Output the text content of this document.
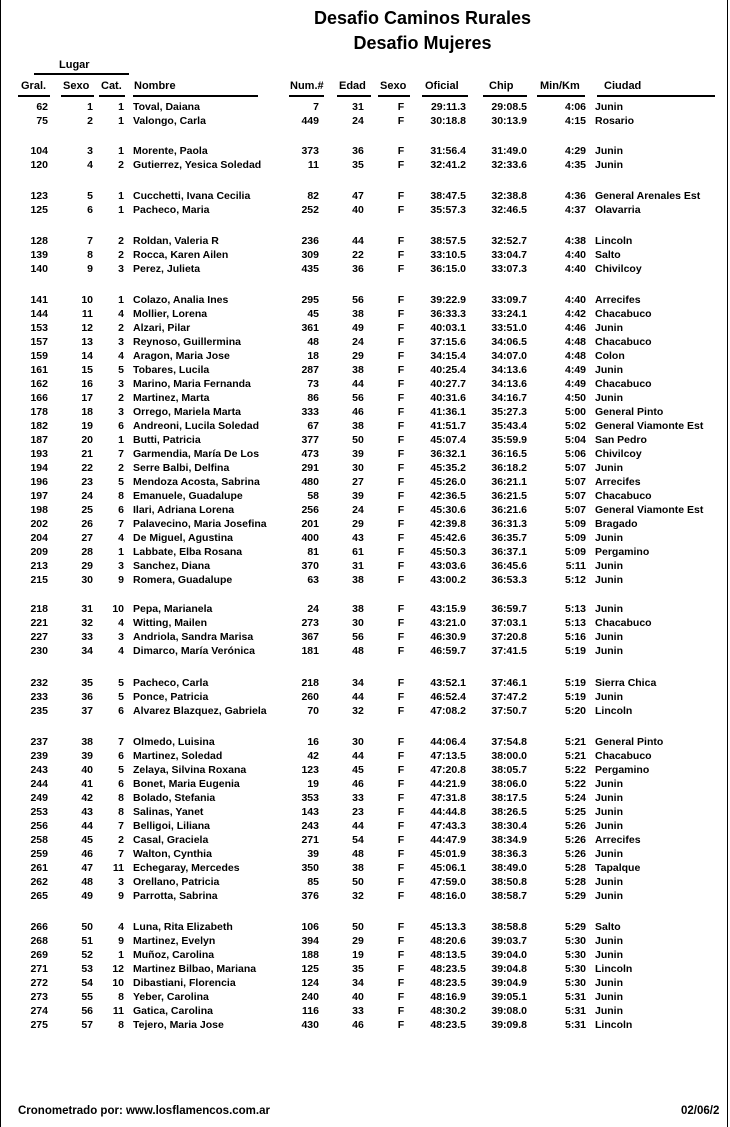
Desafio Caminos Rurales
Desafio Mujeres
Lugar
Gral. Sexo Cat. Nombre	Num.# Edad Sexo Oficial	Chip Min/Km Ciudad
62	1	1 Toval, Daiana	7	31	F	29:11.3	29:08.5	4:06 Junin
75	2	1 Valongo, Carla	449	24	F	30:18.8	30:13.9	4:15 Rosario
104	3	1 Morente, Paola	373	36	F	31:56.4	31:49.0	4:29 Junin
120	4	2 Gutierrez, Yesica Soledad	11	35	F	32:41.2	32:33.6	4:35 Junin
123	5	1 Cucchetti, Ivana Cecilia	82	47	F	38:47.5	32:38.8	4:36 General Arenales Est
125	6	1 Pacheco, Maria	252	40	F	35:57.3	32:46.5	4:37 Olavarria
128	7	2 Roldan, Valeria R	236	44	F	38:57.5	32:52.7	4:38 Lincoln
139	8	2 Rocca, Karen Ailen	309	22	F	33:10.5	33:04.7	4:40 Salto
140	9	3 Perez, Julieta	435	36	F	36:15.0	33:07.3	4:40 Chivilcoy
141	10	1 Colazo, Analia Ines	295	56	F	39:22.9	33:09.7	4:40 Arrecifes
144	11	4 Mollier, Lorena	45	38	F	36:33.3	33:24.1	4:42 Chacabuco
153	12	2 Alzari, Pilar	361	49	F	40:03.1	33:51.0	4:46 Junin
157	13	3 Reynoso, Guillermina	48	24	F	37:15.6	34:06.5	4:48 Chacabuco
159	14	4 Aragon, Maria Jose	18	29	F	34:15.4	34:07.0	4:48 Colon
161	15	5 Tobares, Lucila	287	38	F	40:25.4	34:13.6	4:49 Junin
162	16	3 Marino, Maria Fernanda	73	44	F	40:27.7	34:13.6	4:49 Chacabuco
166	17	2 Martinez, Marta	86	56	F	40:31.6	34:16.7	4:50 Junin
178	18	3 Orrego, Mariela Marta	333	46	F	41:36.1	35:27.3	5:00 General Pinto
182	19	6 Andreoni, Lucila Soledad	67	38	F	41:51.7	35:43.4	5:02 General Viamonte Est
187	20	1 Butti, Patricia	377	50	F	45:07.4	35:59.9	5:04 San Pedro
193	21	7 Garmendia, María De Los	473	39	F	36:32.1	36:16.5	5:06 Chivilcoy
194	22	2 Serre Balbi, Delfina	291	30	F	45:35.2	36:18.2	5:07 Junin
196	23	5 Mendoza Acosta, Sabrina	480	27	F	45:26.0	36:21.1	5:07 Arrecifes
197	24	8 Emanuele, Guadalupe	58	39	F	42:36.5	36:21.5	5:07 Chacabuco
198	25	6 Ilari, Adriana Lorena	256	24	F	45:30.6	36:21.6	5:07 General Viamonte Est
202	26	7 Palavecino, Maria Josefina	201	29	F	42:39.8	36:31.3	5:09 Bragado
204	27	4 De Miguel, Agustina	400	43	F	45:42.6	36:35.7	5:09 Junin
209	28	1 Labbate, Elba Rosana	81	61	F	45:50.3	36:37.1	5:09 Pergamino
213	29	3 Sanchez, Diana	370	31	F	43:03.6	36:45.6	5:11 Junin
215	30	9 Romera, Guadalupe	63	38	F	43:00.2	36:53.3	5:12 Junin
218	31	10 Pepa, Marianela	24	38	F	43:15.9	36:59.7	5:13 Junin
221	32	4 Witting, Mailen	273	30	F	43:21.0	37:03.1	5:13 Chacabuco
227	33	3 Andriola, Sandra Marisa	367	56	F	46:30.9	37:20.8	5:16 Junin
230	34	4 Dimarco, María Verónica	181	48	F	46:59.7	37:41.5	5:19 Junin
232	35	5 Pacheco, Carla	218	34	F	43:52.1	37:46.1	5:19 Sierra Chica
233	36	5 Ponce, Patricia	260	44	F	46:52.4	37:47.2	5:19 Junin
235	37	6 Alvarez Blazquez, Gabriela	70	32	F	47:08.2	37:50.7	5:20 Lincoln
237	38	7 Olmedo, Luisina	16	30	F	44:06.4	37:54.8	5:21 General Pinto
239	39	6 Martinez, Soledad	42	44	F	47:13.5	38:00.0	5:21 Chacabuco
243	40	5 Zelaya, Silvina Roxana	123	45	F	47:20.8	38:05.7	5:22 Pergamino
244	41	6 Bonet, Maria Eugenia	19	46	F	44:21.9	38:06.0	5:22 Junin
249	42	8 Bolado, Stefania	353	33	F	47:31.8	38:17.5	5:24 Junin
253	43	8 Salinas, Yanet	143	23	F	44:44.8	38:26.5	5:25 Junin
256	44	7 Belligoi, Liliana	243	44	F	47:43.3	38:30.4	5:26 Junin
258	45	2 Casal, Graciela	271	54	F	44:47.9	38:34.9	5:26 Arrecifes
259	46	7 Walton, Cynthia	39	48	F	45:01.9	38:36.3	5:26 Junin
261	47	11 Echegaray, Mercedes	350	38	F	45:06.1	38:49.0	5:28 Tapalque
262	48	3 Orellano, Patricia	85	50	F	47:59.0	38:50.8	5:28 Junin
265	49	9 Parrotta, Sabrina	376	32	F	48:16.0	38:58.7	5:29 Junin
266	50	4 Luna, Rita Elizabeth	106	50	F	45:13.3	38:58.8	5:29 Salto
268	51	9 Martinez, Evelyn	394	29	F	48:20.6	39:03.7	5:30 Junin
269	52	1 Muñoz, Carolina	188	19	F	48:13.5	39:04.0	5:30 Junin
271	53	12 Martinez Bilbao, Mariana	125	35	F	48:23.5	39:04.8	5:30 Lincoln
272	54	10 Dibastiani, Florencia	124	34	F	48:23.5	39:04.9	5:30 Junin
273	55	8 Yeber, Carolina	240	40	F	48:16.9	39:05.1	5:31 Junin
274	56	11 Gatica, Carolina	116	33	F	48:30.2	39:08.0	5:31 Junin
275	57	8 Tejero, Maria Jose	430	46	F	48:23.5	39:09.8	5:31 Lincoln
Cronometrado por: www.losflamencos.com.ar	02/06/2
